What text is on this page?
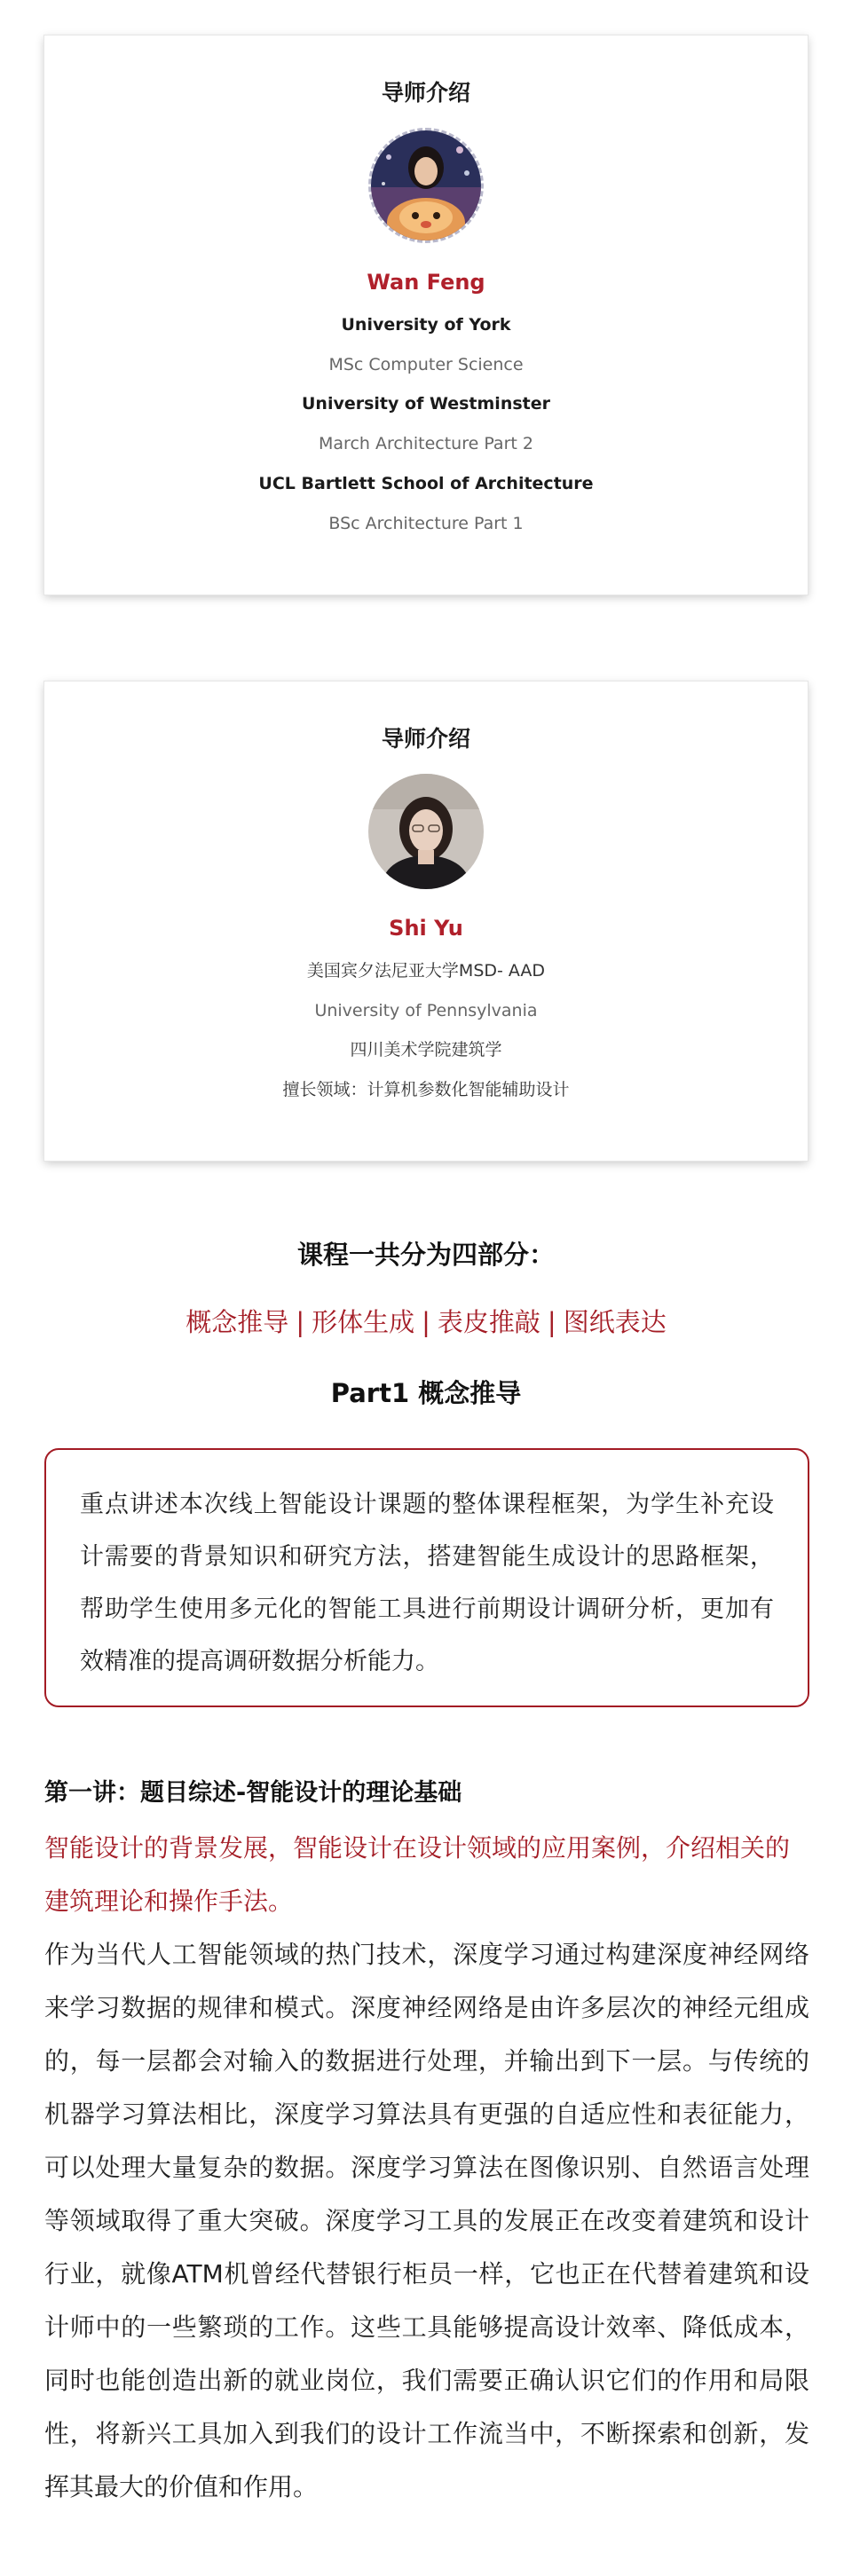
导师介绍
Wan Feng
University of York
MSc Computer Science
University of Westminster
March Architecture Part 2
UCL Bartlett School of Architecture
BSc Architecture Part 1
导师介绍
Shi Yu
美国宾夕法尼亚大学MSD- AAD
University of Pennsylvania
四川美术学院建筑学
擅长领域：计算机参数化智能辅助设计
课程一共分为四部分：
概念推导 | 形体生成 | 表皮推敲 | 图纸表达
Part1 概念推导
重点讲述本次线上智能设计课题的整体课程框架，为学生补充设计需要的背景知识和研究方法，搭建智能生成设计的思路框架，帮助学生使用多元化的智能工具进行前期设计调研分析，更加有效精准的提高调研数据分析能力。
第一讲：题目综述-智能设计的理论基础
智能设计的背景发展，智能设计在设计领域的应用案例，介绍相关的建筑理论和操作手法。
作为当代人工智能领域的热门技术，深度学习通过构建深度神经网络来学习数据的规律和模式。深度神经网络是由许多层次的神经元组成的，每一层都会对输入的数据进行处理，并输出到下一层。与传统的机器学习算法相比，深度学习算法具有更强的自适应性和表征能力，可以处理大量复杂的数据。深度学习算法在图像识别、自然语言处理等领域取得了重大突破。深度学习工具的发展正在改变着建筑和设计行业，就像ATM机曾经代替银行柜员一样，它也正在代替着建筑和设计师中的一些繁琐的工作。这些工具能够提高设计效率、降低成本，同时也能创造出新的就业岗位，我们需要正确认识它们的作用和局限性，将新兴工具加入到我们的设计工作流当中，不断探索和创新，发挥其最大的价值和作用。
